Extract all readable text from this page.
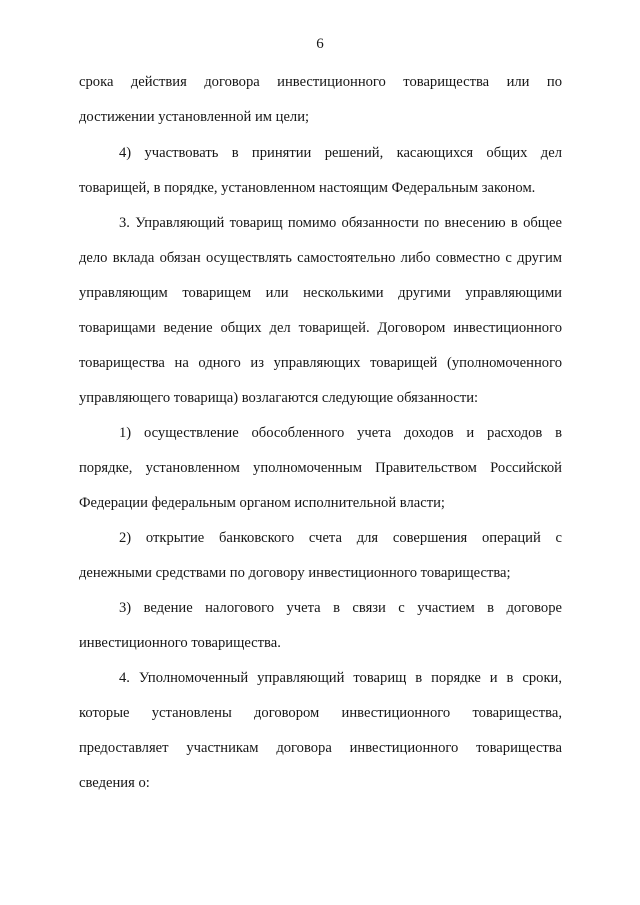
6
срока действия договора инвестиционного товарищества или по
достижении установленной им цели;
4) участвовать в принятии решений, касающихся общих дел
товарищей, в порядке, установленном настоящим Федеральным законом.
3. Управляющий товарищ помимо обязанности по внесению в общее
дело вклада обязан осуществлять самостоятельно либо совместно с другим
управляющим товарищем или несколькими другими управляющими
товарищами ведение общих дел товарищей. Договором инвестиционного
товарищества на одного из управляющих товарищей (уполномоченного
управляющего товарища) возлагаются следующие обязанности:
1) осуществление обособленного учета доходов и расходов в
порядке, установленном уполномоченным Правительством Российской
Федерации федеральным органом исполнительной власти;
2) открытие банковского счета для совершения операций с
денежными средствами по договору инвестиционного товарищества;
3) ведение налогового учета в связи с участием в договоре
инвестиционного товарищества.
4. Уполномоченный управляющий товарищ в порядке и в сроки,
которые установлены договором инвестиционного товарищества,
предоставляет участникам договора инвестиционного товарищества
сведения о:
